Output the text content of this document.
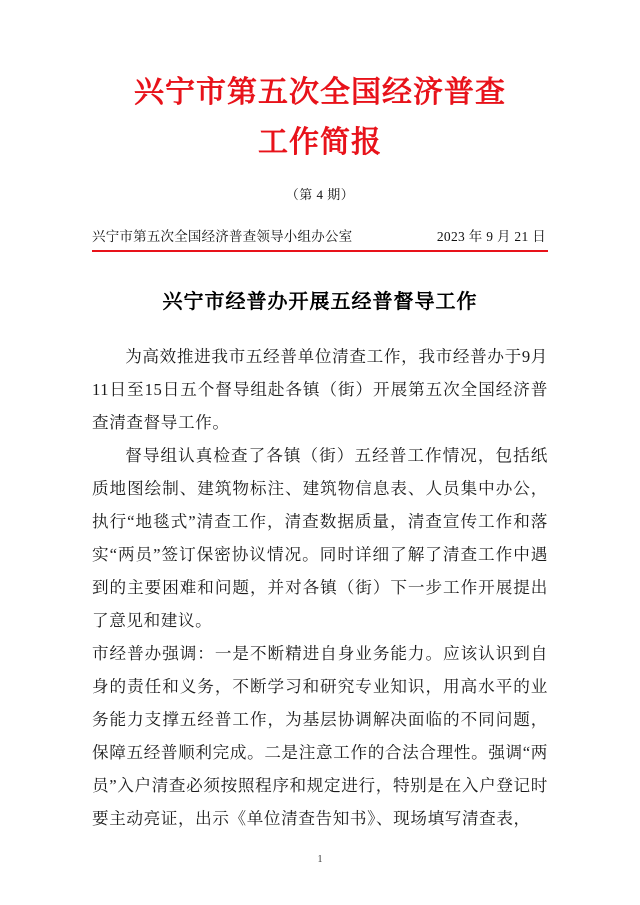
兴宁市第五次全国经济普查
工作简报
（第 4 期）
兴宁市第五次全国经济普查领导小组办公室	2023 年 9 月 21 日
兴宁市经普办开展五经普督导工作

为高效推进我市五经普单位清查工作，我市经普办于9月11日至15日五个督导组赴各镇（街）开展第五次全国经济普查清查督导工作。

督导组认真检查了各镇（街）五经普工作情况，包括纸质地图绘制、建筑物标注、建筑物信息表、人员集中办公，执行“地毯式”清查工作，清查数据质量，清查宣传工作和落实“两员”签订保密协议情况。同时详细了解了清查工作中遇到的主要困难和问题，并对各镇（街）下一步工作开展提出了意见和建议。

市经普办强调：一是不断精进自身业务能力。应该认识到自身的责任和义务，不断学习和研究专业知识，用高水平的业务能力支撑五经普工作，为基层协调解决面临的不同问题，保障五经普顺利完成。二是注意工作的合法合理性。强调“两员”入户清查必须按照程序和规定进行，特别是在入户登记时要主动亮证，出示《单位清查告知书》、现场填写清查表，

1
